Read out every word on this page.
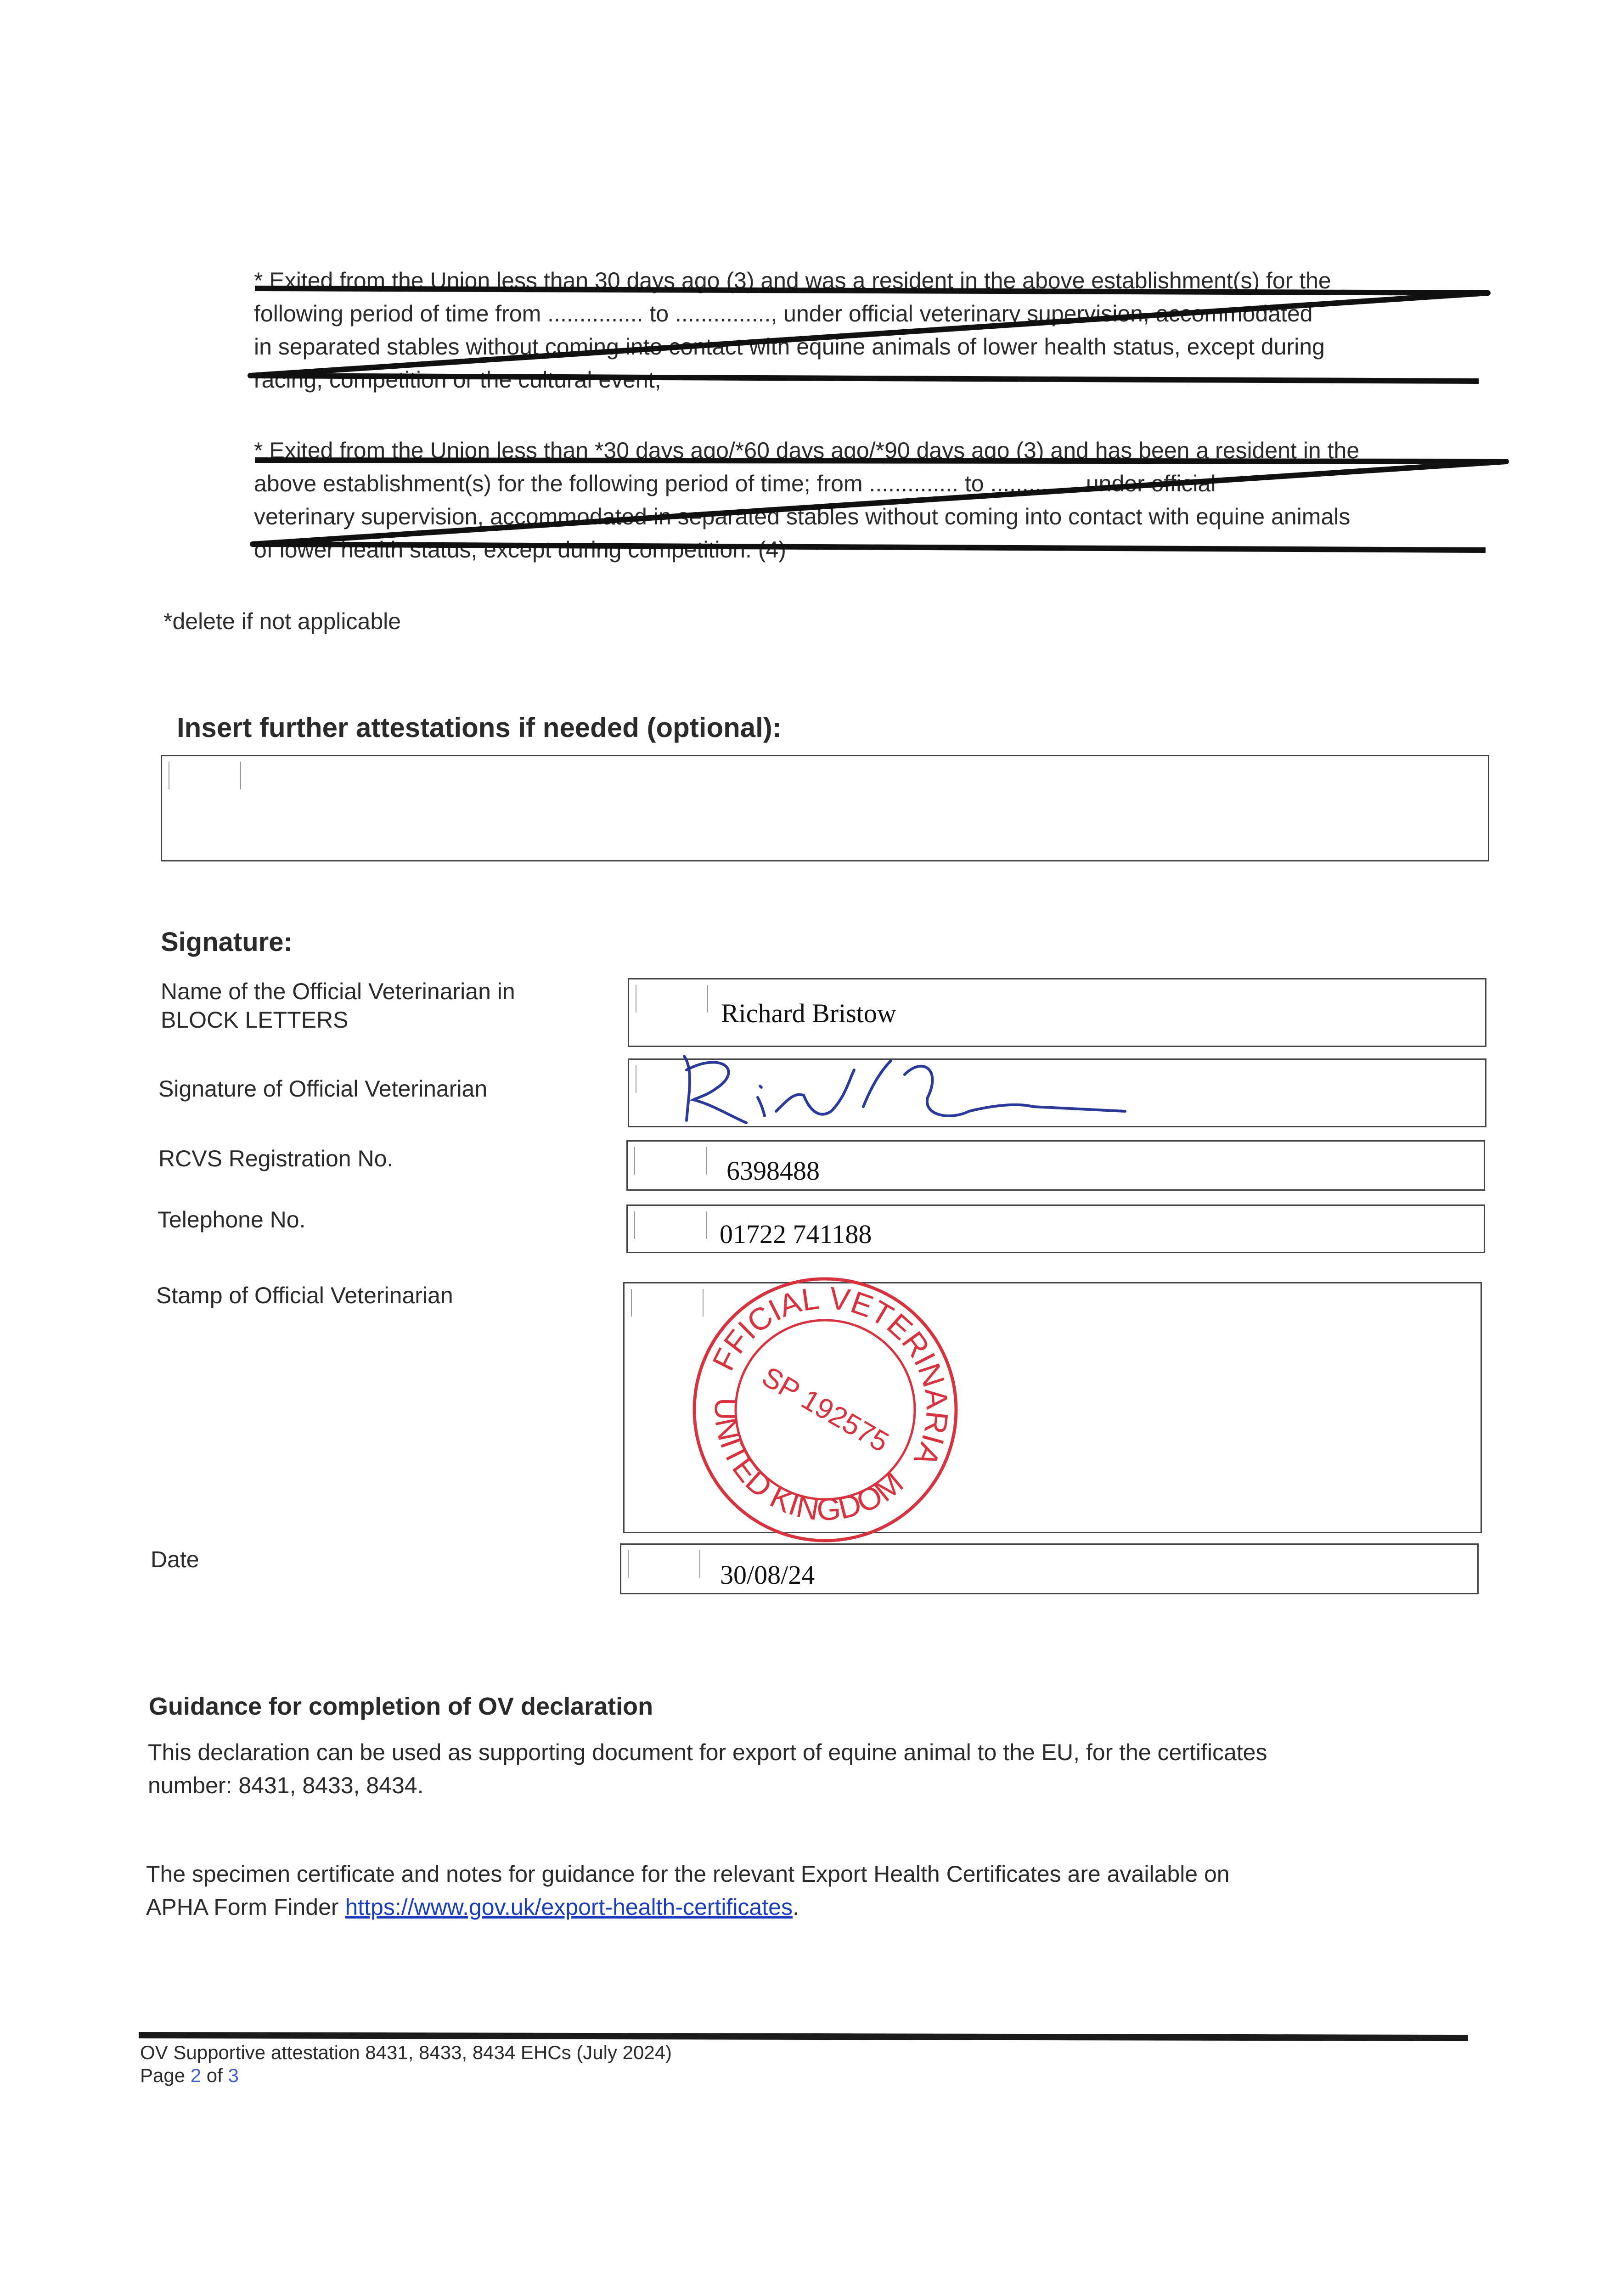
* Exited from the Union less than 30 days ago (3) and was a resident in the above establishment(s) for the
following period of time from ............... to ..............., under official veterinary supervision, accommodated
in separated stables without coming into contact with equine animals of lower health status, except during
racing, competition or the cultural event;
* Exited from the Union less than *30 days ago/*60 days ago/*90 days ago (3) and has been a resident in the
above establishment(s) for the following period of time; from .............. to .............. under official
veterinary supervision, accommodated in separated stables without coming into contact with equine animals
of lower health status, except during competition. (4)
*delete if not applicable
Insert further attestations if needed (optional):
Signature:
Name of the Official Veterinarian in
BLOCK LETTERS	Richard Bristow
Signature of Official Veterinarian
RCVS Registration No.	6398488
Telephone No.	01722 741188
Stamp of Official Veterinarian
OFFICIAL VETERINARIAN
UNITED KINGDOM
SP 192575
Date
30/08/24
Guidance for completion of OV declaration
This declaration can be used as supporting document for export of equine animal to the EU, for the certificates
number: 8431, 8433, 8434.
The specimen certificate and notes for guidance for the relevant Export Health Certificates are available on
APHA Form Finder https://www.gov.uk/export-health-certificates.
OV Supportive attestation 8431, 8433, 8434 EHCs (July 2024)
Page 2 of 3
